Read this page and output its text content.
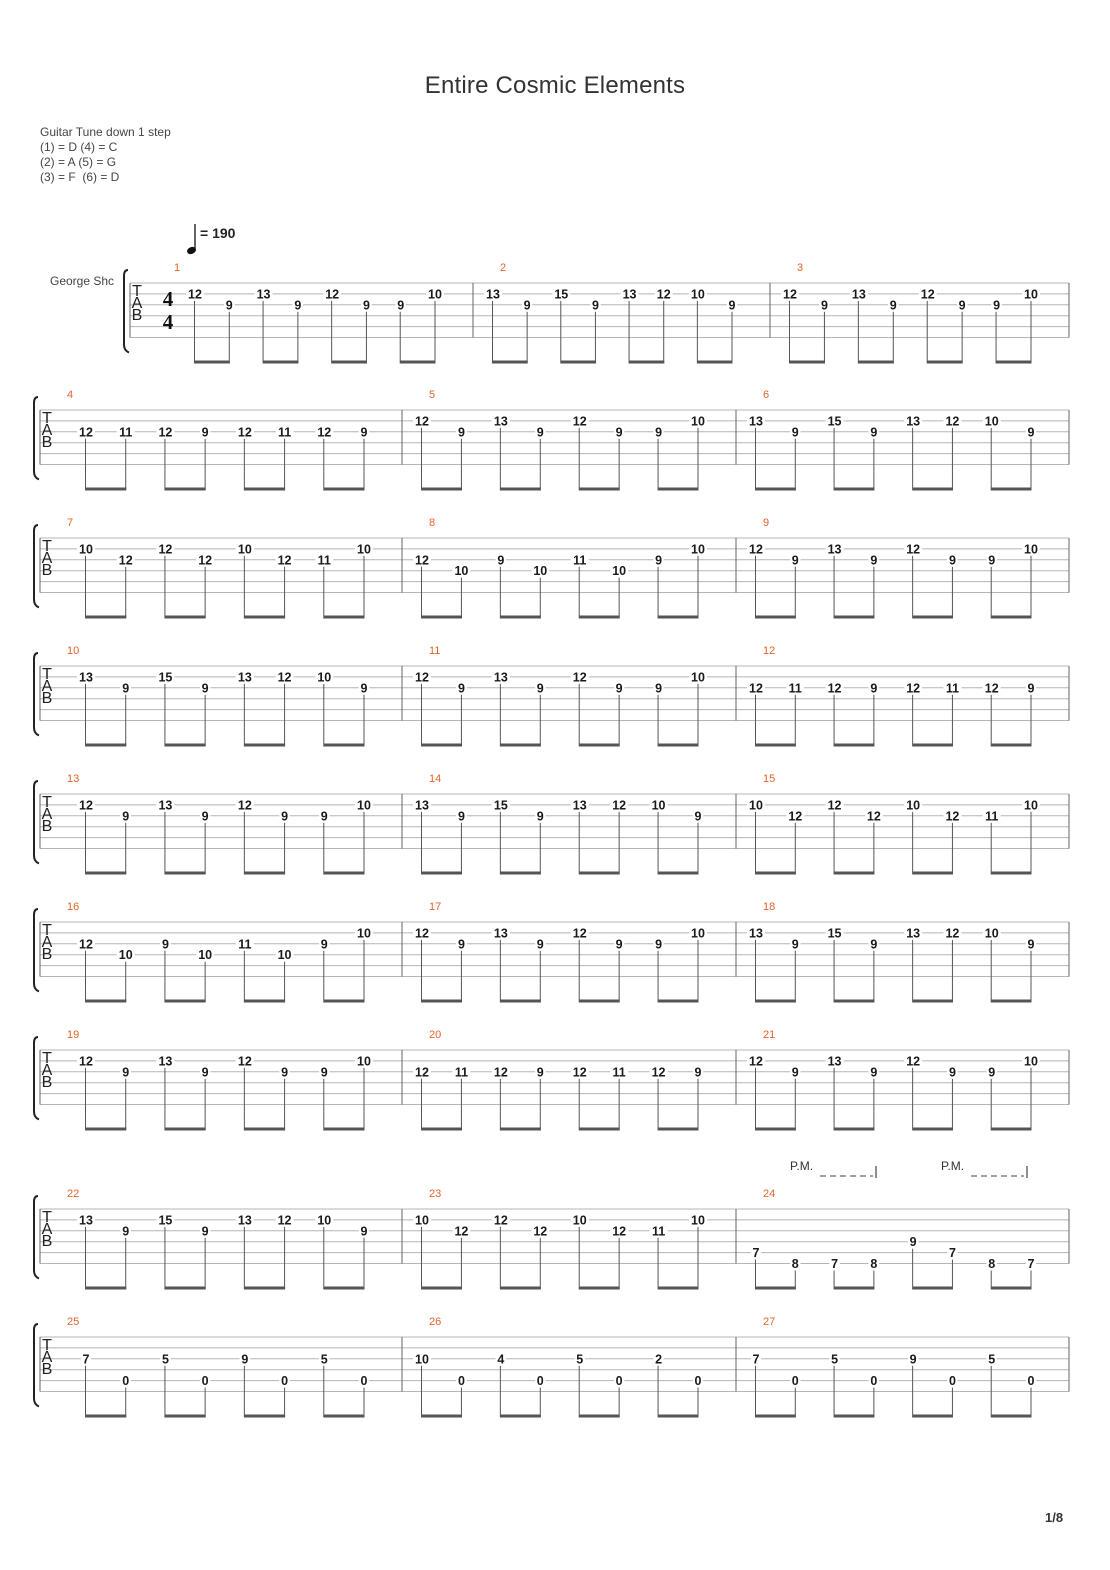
Entire Cosmic Elements
Guitar Tune down 1 step
(1) = D (4) = C
(2) = A (5) = G
(3) = F  (6) = D
= 190
George Shc
T
A
B
4
4
1
12
9
13
9
12
9 9
10
2
13
9
15
9
13 12 10
9
3
12
9
13
9
12
9 9
10
T
A
B
4
12 11 12 9 12 11 12 9
5
12
9
13
9
12
9	9
10
6
13
9
15
9
13 12 10
9
T
A
B
7
10
12
12
12
10
12 11
10
8
12
10
9
10
11
10
9
10
9
12
9
13
9
12
9	9
10
T
A
B
10
13
9
15
9
13 12 10
9
11
12
9
13
9
12
9	9
10
12
12 11 12 9 12 11 12 9
T
A
B
13
12
9
13
9
12
9	9
10
14
13
9
15
9
13 12 10
9
15
10
12
12
12
10
12 11
10
T
A
B
16
12
10
9
10
11
10
9
10
17
12
9
13
9
12
9	9
10
18
13
9
15
9
13 12 10
9
T
A
B
19
12
9
13
9
12
9	9
10
20
12 11 12 9 12 11 12 9
21
12
9
13
9
12
9	9
10
T
A
B
22
13
9
15
9
13 12 10
9
23
10
12
12
12
10
12 11
10
24
7
8	7	8
9
7
8	7
T
A
B
25
7
0
5
0
9
0
5
0
26
10
0
4
0
5
0
2
0
27
7
0
5
0
9
0
5
0
P.M.	P.M.
1/8
